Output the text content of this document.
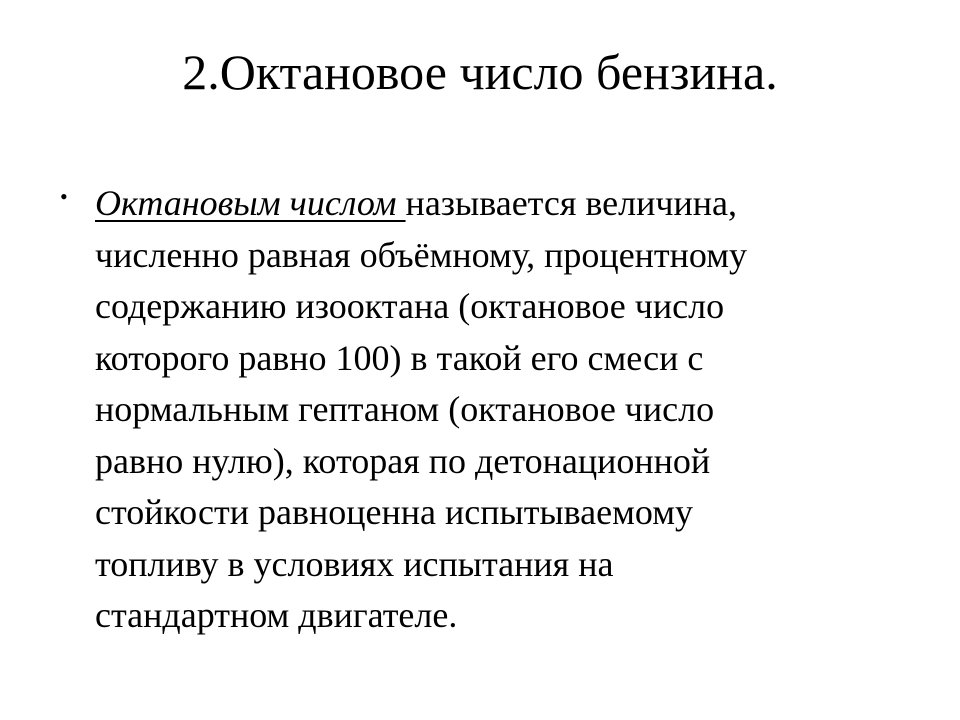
2.Октановое число бензина.
• Октановым числом называется величина,
численно равная объёмному, процентному
содержанию изооктана (октановое число
которого равно 100) в такой его смеси с
нормальным гептаном (октановое число
равно нулю), которая по детонационной
стойкости равноценна испытываемому
топливу в условиях испытания на
стандартном двигателе.
